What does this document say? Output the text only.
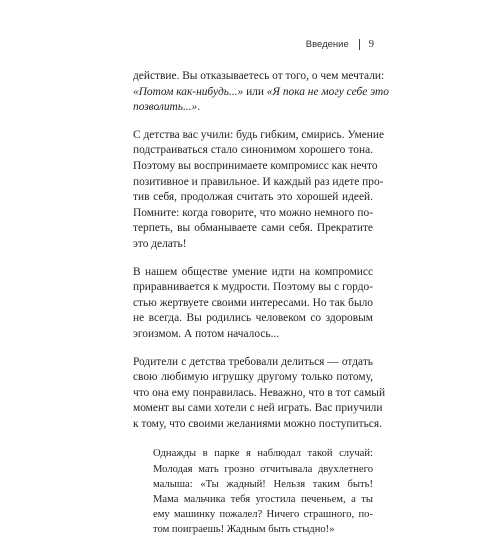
Введение 9
действие. Вы отказываетесь от того, о чем мечтали:
«Потом как-нибудь...» или «Я пока не могу себе это
позволить...».
С детства вас учили: будь гибким, смирись. Умение
подстраиваться стало синонимом хорошего тона.
Поэтому вы воспринимаете компромисс как нечто
позитивное и правильное. И каждый раз идете про-
тив себя, продолжая считать это хорошей идеей.
Помните: когда говорите, что можно немного по-
терпеть, вы обманываете сами себя. Прекратите
это делать!
В нашем обществе умение идти на компромисс
приравнивается к мудрости. Поэтому вы с гордо-
стью жертвуете своими интересами. Но так было
не всегда. Вы родились человеком со здоровым
эгоизмом. А потом началось...
Родители с детства требовали делиться — отдать
свою любимую игрушку другому только потому,
что она ему понравилась. Неважно, что в тот самый
момент вы сами хотели с ней играть. Вас приучили
к тому, что своими желаниями можно поступиться.
Однажды в парке я наблюдал такой случай:
Молодая мать грозно отчитывала двухлетнего
малыша: «Ты жадный! Нельзя таким быть!
Мама мальчика тебя угостила печеньем, а ты
ему машинку пожалел? Ничего страшного, по-
том поиграешь! Жадным быть стыдно!»
